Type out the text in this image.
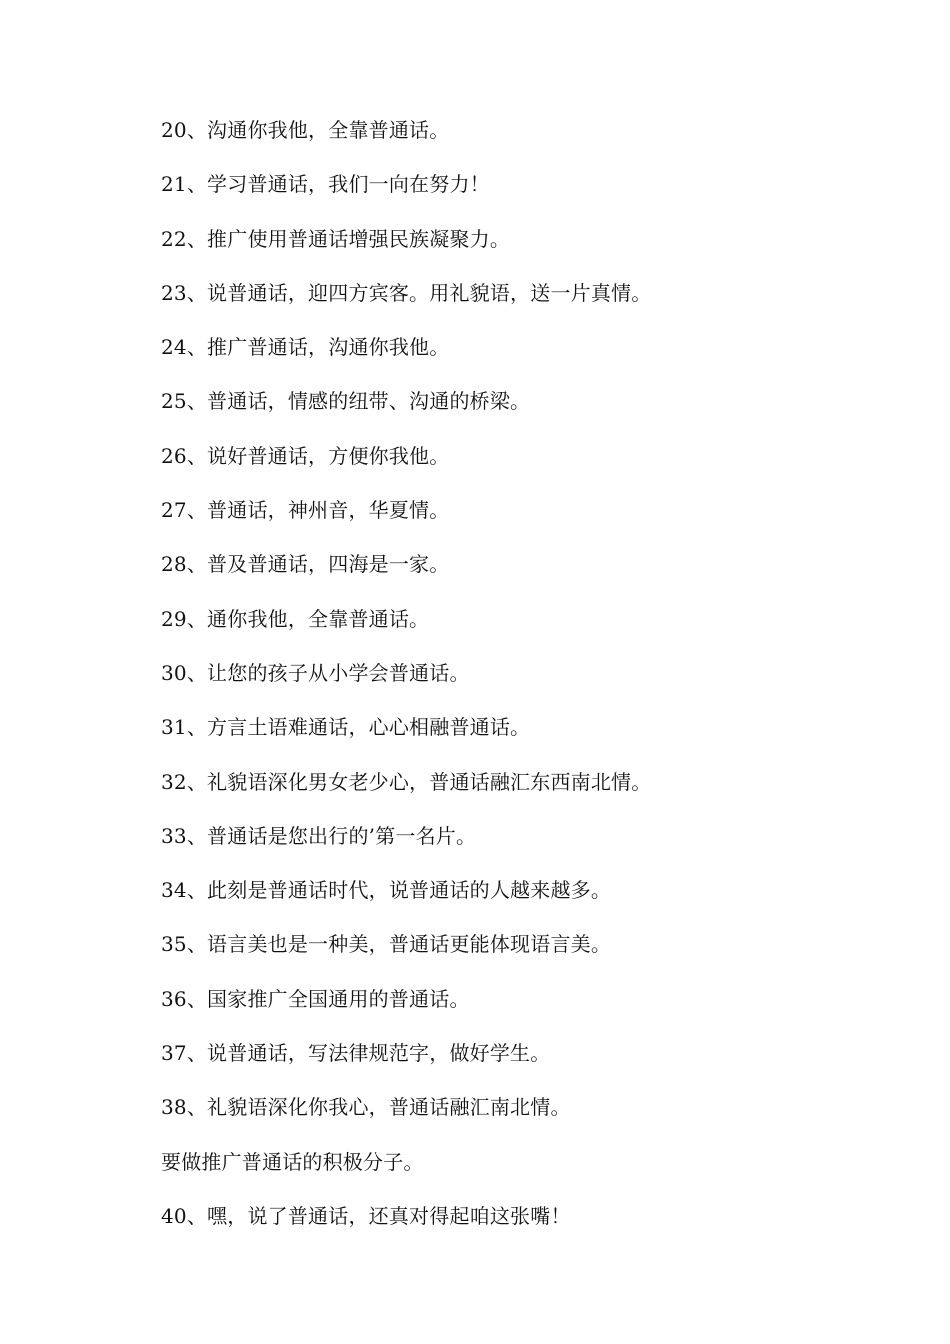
20、沟通你我他，全靠普通话。
21、学习普通话，我们一向在努力！
22、推广使用普通话增强民族凝聚力。
23、说普通话，迎四方宾客。用礼貌语，送一片真情。
24、推广普通话，沟通你我他。
25、普通话，情感的纽带、沟通的桥梁。
26、说好普通话，方便你我他。
27、普通话，神州音，华夏情。
28、普及普通话，四海是一家。
29、通你我他，全靠普通话。
30、让您的孩子从小学会普通话。
31、方言土语难通话，心心相融普通话。
32、礼貌语深化男女老少心，普通话融汇东西南北情。
33、普通话是您出行的’第一名片。
34、此刻是普通话时代，说普通话的人越来越多。
35、语言美也是一种美，普通话更能体现语言美。
36、国家推广全国通用的普通话。
37、说普通话，写法律规范字，做好学生。
38、礼貌语深化你我心，普通话融汇南北情。
要做推广普通话的积极分子。
40、嘿，说了普通话，还真对得起咱这张嘴！
